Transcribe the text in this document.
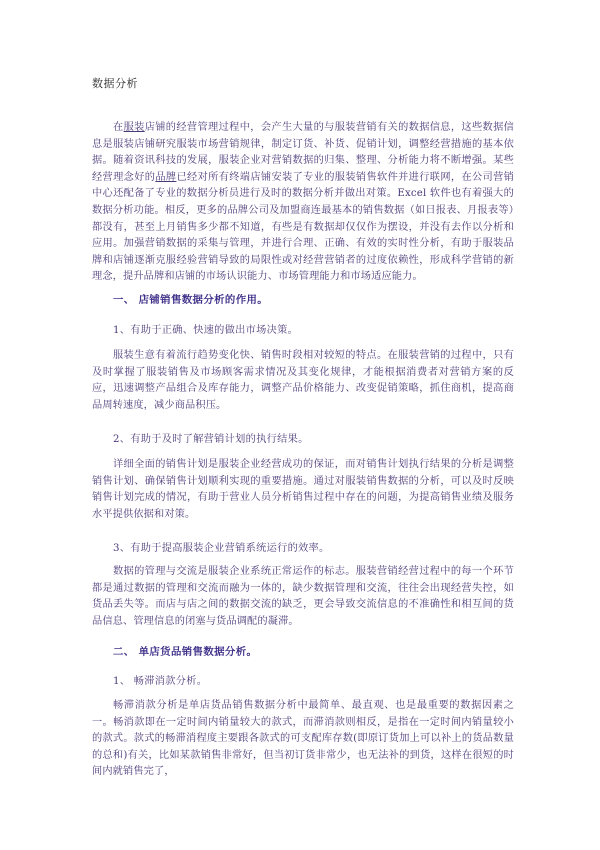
数据分析

在服装店铺的经营管理过程中，会产生大量的与服装营销有关的数据信息，这些数据信息是服装店铺研究服装市场营销规律，制定订货、补货、促销计划，调整经营措施的基本依据。随着资讯科技的发展，服装企业对营销数据的归集、整理、分析能力将不断增强。某些经营理念好的品牌已经对所有终端店铺安装了专业的服装销售软件并进行联网，在公司营销中心还配备了专业的数据分析员进行及时的数据分析并做出对策。Excel 软件也有着强大的数据分析功能。相反，更多的品牌公司及加盟商连最基本的销售数据（如日报表、月报表等）都没有，甚至上月销售多少都不知道，有些是有数据却仅仅作为摆设，并没有去作以分析和应用。加强营销数据的采集与管理，并进行合理、正确、有效的实时性分析，有助于服装品牌和店铺逐渐克服经验营销导致的局限性或对经营营销者的过度依赖性，形成科学营销的新理念，提升品牌和店铺的市场认识能力、市场管理能力和市场适应能力。

一、 店铺销售数据分析的作用。
1、有助于正确、快速的做出市场决策。

服装生意有着流行趋势变化快、销售时段相对较短的特点。在服装营销的过程中，只有及时掌握了服装销售及市场顾客需求情况及其变化规律，才能根据消费者对营销方案的反应，迅速调整产品组合及库存能力，调整产品价格能力、改变促销策略，抓住商机，提高商品周转速度，减少商品积压。

2、有助于及时了解营销计划的执行结果。

详细全面的销售计划是服装企业经营成功的保证，而对销售计划执行结果的分析是调整销售计划、确保销售计划顺利实现的重要措施。通过对服装销售数据的分析，可以及时反映销售计划完成的情况，有助于营业人员分析销售过程中存在的问题，为提高销售业绩及服务水平提供依据和对策。

3、有助于提高服装企业营销系统运行的效率。

数据的管理与交流是服装企业系统正常运作的标志。服装营销经营过程中的每一个环节都是通过数据的管理和交流而融为一体的，缺少数据管理和交流，往往会出现经营失控，如货品丢失等。而店与店之间的数据交流的缺乏，更会导致交流信息的不准确性和相互间的货品信息、管理信息的闭塞与货品调配的凝滞。

二、 单店货品销售数据分析。
1、 畅滞消款分析。

畅滞消款分析是单店货品销售数据分析中最简单、最直观、也是最重要的数据因素之一。畅消款即在一定时间内销量较大的款式，而滞消款则相反，是指在一定时间内销量较小的款式。款式的畅滞消程度主要跟各款式的可支配库存数(即原订货加上可以补上的货品数量的总和)有关，比如某款销售非常好，但当初订货非常少，也无法补的到货，这样在很短的时间内就销售完了，
